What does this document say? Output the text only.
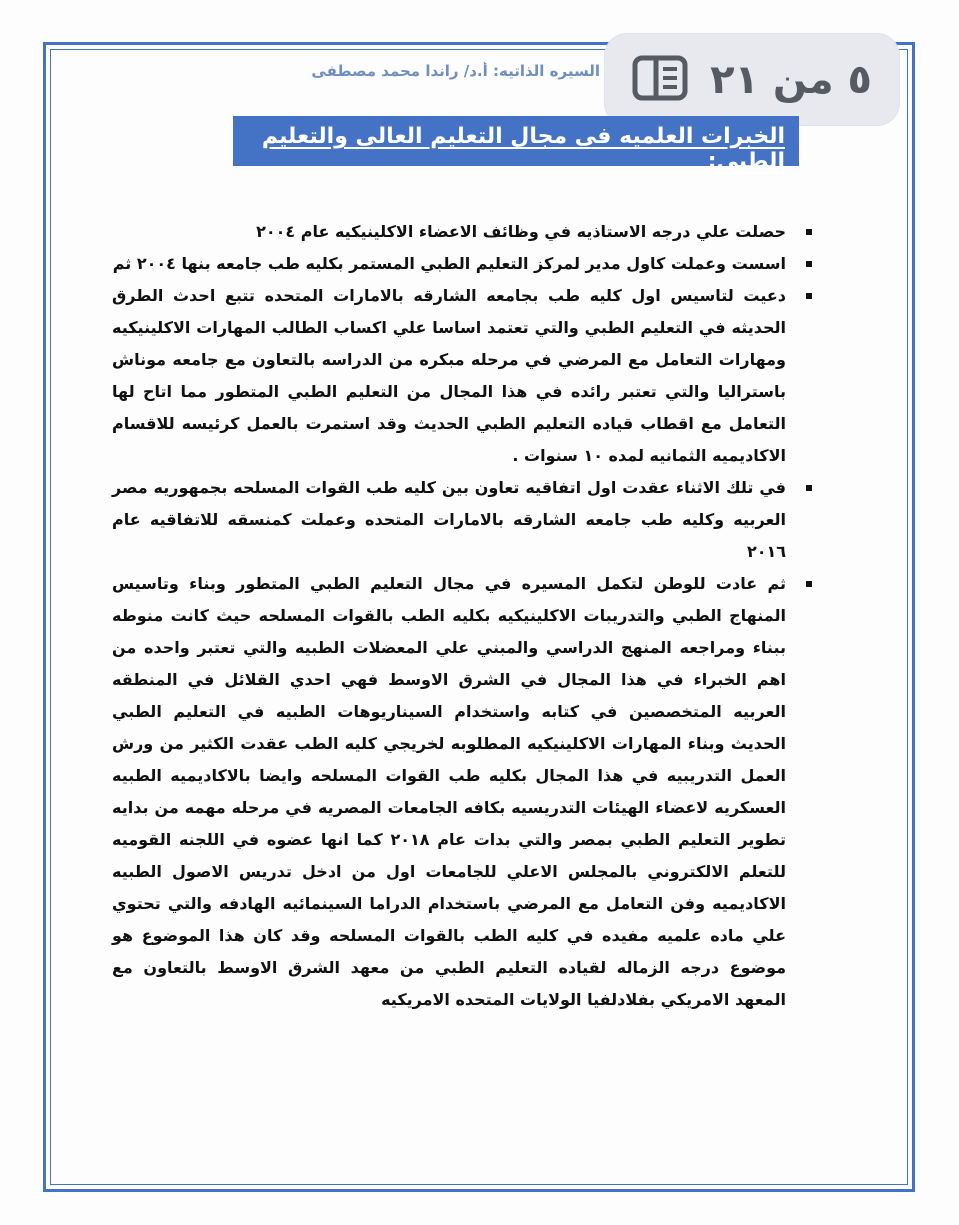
السيره الذاتيه: أ.د/ راندا محمد مصطفى	٥ من ٢١
الخبرات العلميه فى مجال التعليم العالى والتعليم الطبى:
حصلت علي درجه الاستاذيه في وظائف الاعضاء الاكلينيكيه عام ٢٠٠٤
اسست وعملت كاول مدير لمركز التعليم الطبي المستمر بكليه طب جامعه بنها ٢٠٠٤ ثم
دعيت لتاسيس اول كليه طب بجامعه الشارقه بالامارات المتحده تتبع احدث الطرق الحديثه في التعليم الطبي والتي تعتمد اساسا علي اكساب الطالب المهارات الاكلينيكيه ومهارات التعامل مع المرضي في مرحله مبكره من الدراسه بالتعاون مع جامعه موناش باستراليا والتي تعتبر رائده في هذا المجال من التعليم الطبي المتطور مما اتاح لها التعامل مع اقطاب قياده التعليم الطبي الحديث وقد استمرت بالعمل كرئيسه للاقسام الاكاديميه الثمانيه لمده ١٠ سنوات .
في تلك الاثناء عقدت اول اتفاقيه تعاون بين كليه طب القوات المسلحه بجمهوريه مصر العربيه وكليه طب جامعه الشارقه بالامارات المتحده وعملت كمنسقه للاتفاقيه عام ٢٠١٦
ثم عادت للوطن لتكمل المسيره في مجال التعليم الطبي المتطور وبناء وتاسيس المنهاج الطبي والتدريبات الاكلينيكيه بكليه الطب بالقوات المسلحه حيث كانت منوطه ببناء ومراجعه المنهج الدراسي والمبني علي المعضلات الطبيه والتي تعتبر واحده من اهم الخبراء في هذا المجال في الشرق الاوسط فهي احدي القلائل في المنطقه العربيه المتخصصين في كتابه واستخدام السيناريوهات الطبيه في التعليم الطبي الحديث وبناء المهارات الاكلينيكيه المطلوبه لخريجي كليه الطب عقدت الكثير من ورش العمل التدريبيه في هذا المجال بكليه طب القوات المسلحه وايضا بالاكاديميه الطبيه العسكريه لاعضاء الهيئات التدريسيه بكافه الجامعات المصريه في مرحله مهمه من بدايه تطوير التعليم الطبي بمصر والتي بدات عام ٢٠١٨ كما انها عضوه في اللجنه القوميه للتعلم الالكتروني بالمجلس الاعلي للجامعات اول من ادخل تدريس الاصول الطبيه الاكاديميه وفن التعامل مع المرضي باستخدام الدراما السينمائيه الهادفه والتي تحتوي علي ماده علميه مفيده في كليه الطب بالقوات المسلحه وقد كان هذا الموضوع هو موضوع درجه الزماله لقياده التعليم الطبي من معهد الشرق الاوسط بالتعاون مع المعهد الامريكي بفلادلفيا الولايات المتحده الامريكيه
